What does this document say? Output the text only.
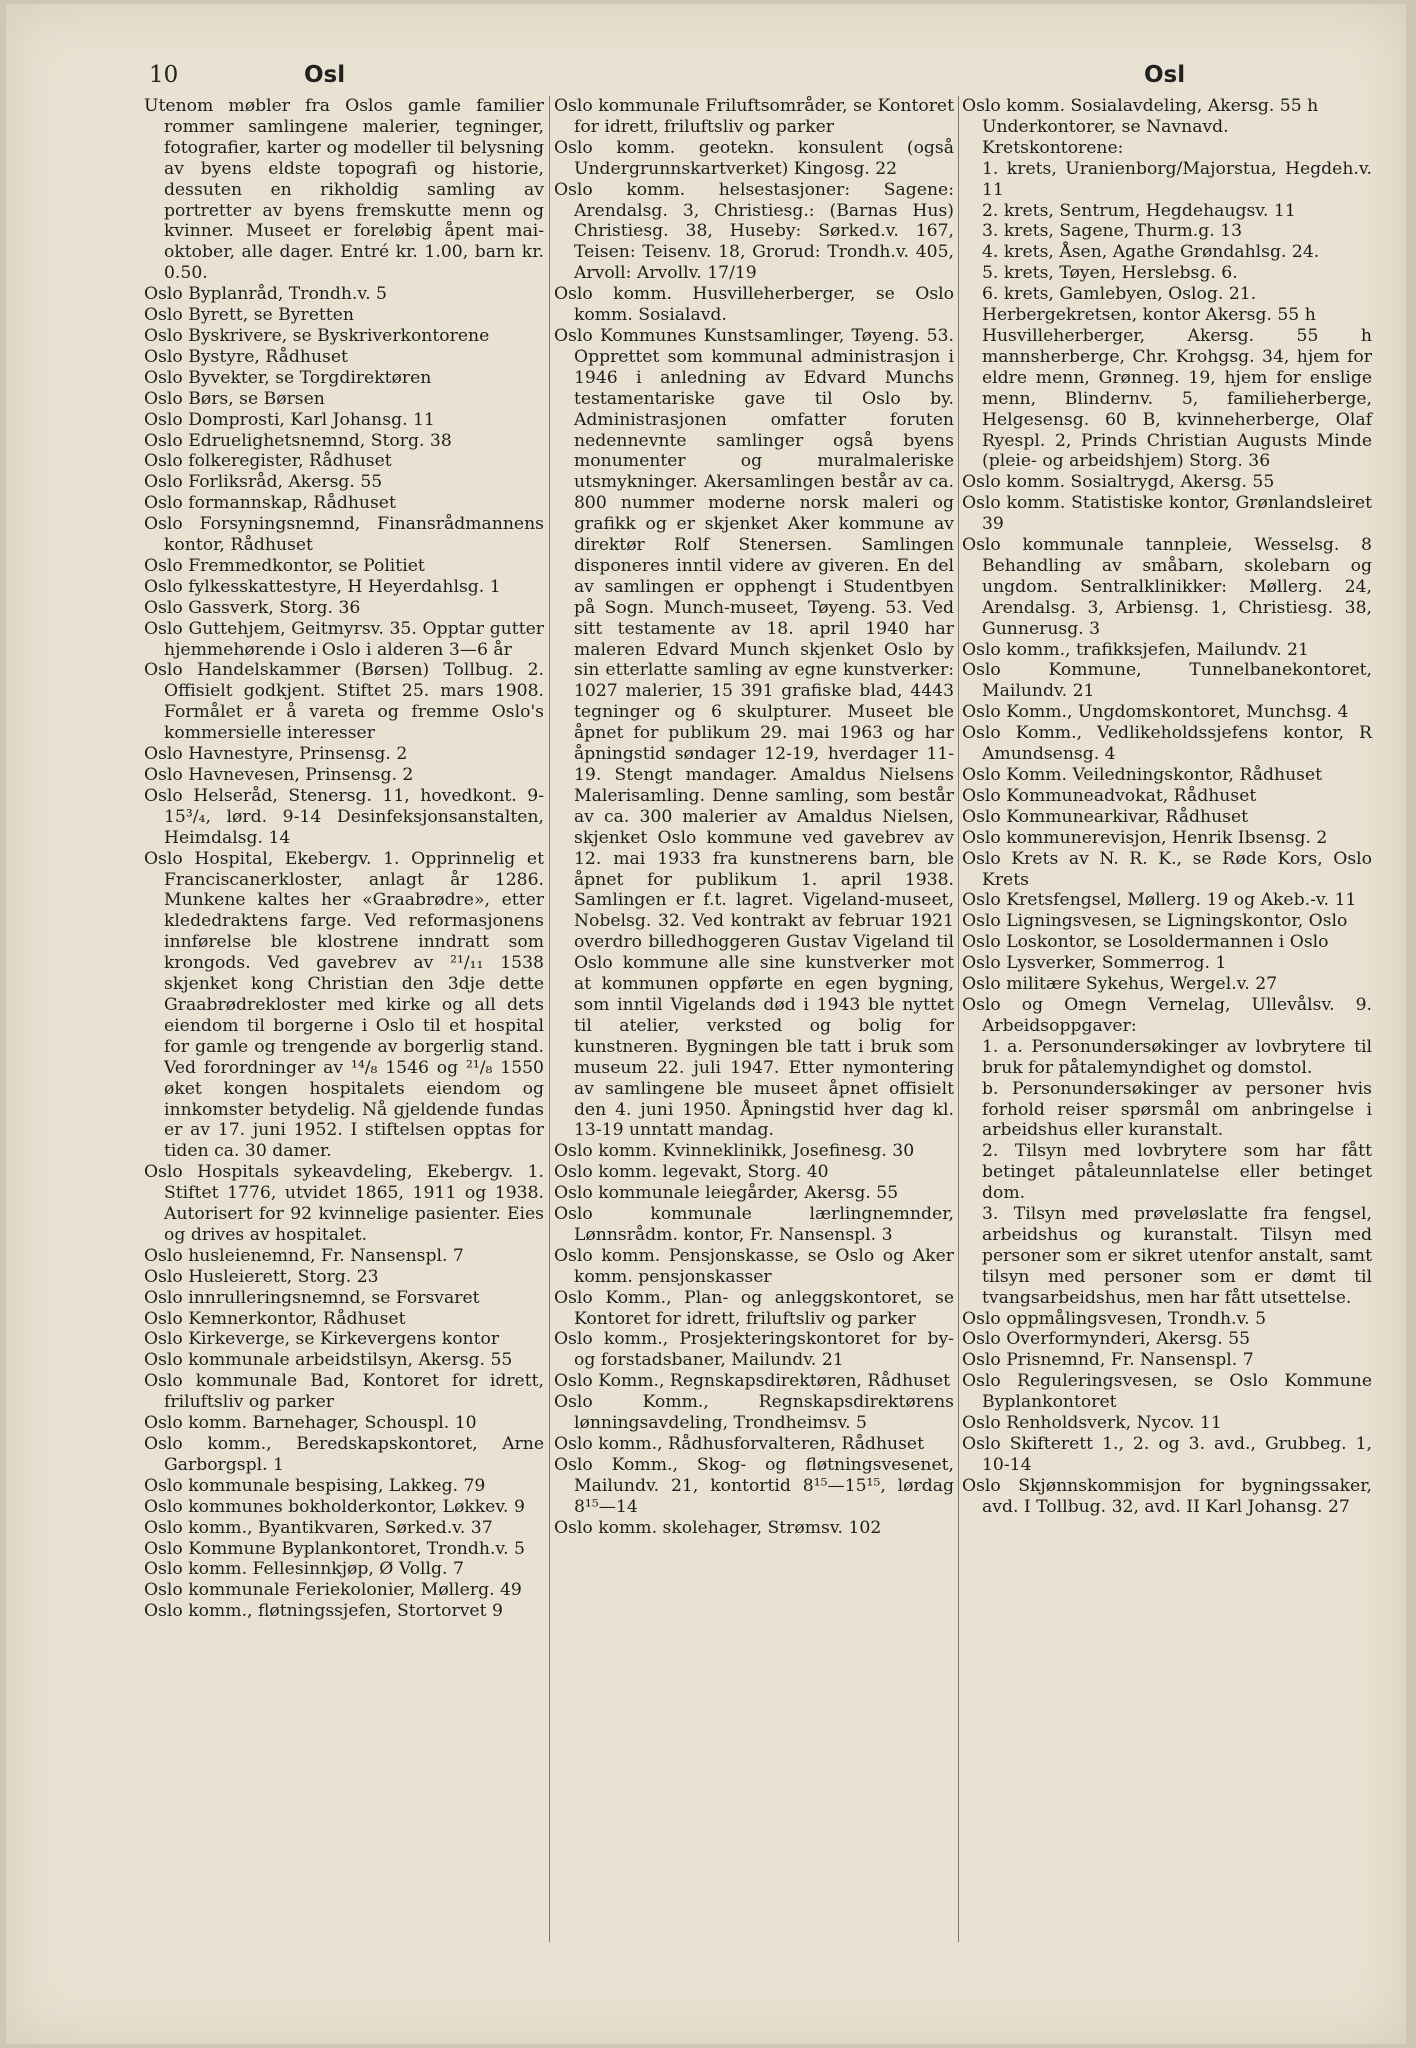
10	Osl	Osl

Utenom møbler fra Oslos gamle familier rommer samlingene malerier, tegninger, fotografier, karter og modeller til belysning av byens eldste topografi og historie, dessuten en rikholdig samling av portretter av byens fremskutte menn og kvinner. Museet er foreløbig åpent mai-oktober, alle dager. Entré kr. 1.00, barn kr. 0.50.

Oslo Byplanråd, Trondh.v. 5

Oslo Byrett, se Byretten

Oslo Byskrivere, se Byskriverkontorene

Oslo Bystyre, Rådhuset

Oslo Byvekter, se Torgdirektøren

Oslo Børs, se Børsen

Oslo Domprosti, Karl Johansg. 11

Oslo Edruelighetsnemnd, Storg. 38

Oslo folkeregister, Rådhuset

Oslo Forliksråd, Akersg. 55

Oslo formannskap, Rådhuset

Oslo Forsyningsnemnd, Finansrådmannens kontor, Rådhuset

Oslo Fremmedkontor, se Politiet

Oslo fylkesskattestyre, H Heyerdahlsg. 1

Oslo Gassverk, Storg. 36

Oslo Guttehjem, Geitmyrsv. 35. Opptar gutter hjemmehørende i Oslo i alderen 3—6 år

Oslo Handelskammer (Børsen) Tollbug. 2. Offisielt godkjent. Stiftet 25. mars 1908. Formålet er å vareta og fremme Oslo's kommersielle interesser

Oslo Havnestyre, Prinsensg. 2

Oslo Havnevesen, Prinsensg. 2

Oslo Helseråd, Stenersg. 11, hovedkont. 9-15³/₄, lørd. 9-14 Desinfeksjonsanstalten, Heimdalsg. 14

Oslo Hospital, Ekebergv. 1. Opprinnelig et Franciscanerkloster, anlagt år 1286. Munkene kaltes her «Graabrødre», etter klededraktens farge. Ved reformasjonens innførelse ble klostrene inndratt som krongods. Ved gavebrev av ²¹/₁₁ 1538 skjenket kong Christian den 3dje dette Graabrødrekloster med kirke og all dets eiendom til borgerne i Oslo til et hospital for gamle og trengende av borgerlig stand. Ved forordninger av ¹⁴/₈ 1546 og ²¹/₈ 1550 øket kongen hospitalets eiendom og innkomster betydelig. Nå gjeldende fundas er av 17. juni 1952. I stiftelsen opptas for tiden ca. 30 damer.

Oslo Hospitals sykeavdeling, Ekebergv. 1. Stiftet 1776, utvidet 1865, 1911 og 1938. Autorisert for 92 kvinnelige pasienter. Eies og drives av hospitalet.

Oslo husleienemnd, Fr. Nansenspl. 7

Oslo Husleierett, Storg. 23

Oslo innrulleringsnemnd, se Forsvaret

Oslo Kemnerkontor, Rådhuset

Oslo Kirkeverge, se Kirkevergens kontor

Oslo kommunale arbeidstilsyn, Akersg. 55

Oslo kommunale Bad, Kontoret for idrett, friluftsliv og parker

Oslo komm. Barnehager, Schouspl. 10

Oslo komm., Beredskapskontoret, Arne Garborgspl. 1

Oslo kommunale bespising, Lakkeg. 79

Oslo kommunes bokholderkontor, Løkkev. 9

Oslo komm., Byantikvaren, Sørked.v. 37

Oslo Kommune Byplankontoret, Trondh.v. 5

Oslo komm. Fellesinnkjøp, Ø Vollg. 7

Oslo kommunale Feriekolonier, Møllerg. 49

Oslo komm., fløtningssjefen, Stortorvet 9

Oslo kommunale Friluftsområder, se Kontoret for idrett, friluftsliv og parker

Oslo komm. geotekn. konsulent (også Undergrunnskartverket) Kingosg. 22

Oslo komm. helsestasjoner: Sagene: Arendalsg. 3, Christiesg.: (Barnas Hus) Christiesg. 38, Huseby: Sørked.v. 167, Teisen: Teisenv. 18, Grorud: Trondh.v. 405, Arvoll: Arvollv. 17/19

Oslo komm. Husvilleherberger, se Oslo komm. Sosialavd.

Oslo Kommunes Kunstsamlinger, Tøyeng. 53. Opprettet som kommunal administrasjon i 1946 i anledning av Edvard Munchs testamentariske gave til Oslo by. Administrasjonen omfatter foruten nedennevnte samlinger også byens monumenter og muralmaleriske utsmykninger. Akersamlingen består av ca. 800 nummer moderne norsk maleri og grafikk og er skjenket Aker kommune av direktør Rolf Stenersen. Samlingen disponeres inntil videre av giveren. En del av samlingen er opphengt i Studentbyen på Sogn. Munch-museet, Tøyeng. 53. Ved sitt testamente av 18. april 1940 har maleren Edvard Munch skjenket Oslo by sin etterlatte samling av egne kunstverker: 1027 malerier, 15 391 grafiske blad, 4443 tegninger og 6 skulpturer. Museet ble åpnet for publikum 29. mai 1963 og har åpningstid søndager 12-19, hverdager 11-19. Stengt mandager. Amaldus Nielsens Malerisamling. Denne samling, som består av ca. 300 malerier av Amaldus Nielsen, skjenket Oslo kommune ved gavebrev av 12. mai 1933 fra kunstnerens barn, ble åpnet for publikum 1. april 1938. Samlingen er f.t. lagret. Vigeland-museet, Nobelsg. 32. Ved kontrakt av februar 1921 overdro billedhoggeren Gustav Vigeland til Oslo kommune alle sine kunstverker mot at kommunen oppførte en egen bygning, som inntil Vigelands død i 1943 ble nyttet til atelier, verksted og bolig for kunstneren. Bygningen ble tatt i bruk som museum 22. juli 1947. Etter nymontering av samlingene ble museet åpnet offisielt den 4. juni 1950. Åpningstid hver dag kl. 13-19 unntatt mandag.

Oslo komm. Kvinneklinikk, Josefinesg. 30

Oslo komm. legevakt, Storg. 40

Oslo kommunale leiegårder, Akersg. 55

Oslo kommunale lærlingnemnder, Lønnsrådm. kontor, Fr. Nansenspl. 3

Oslo komm. Pensjonskasse, se Oslo og Aker komm. pensjonskasser

Oslo Komm., Plan- og anleggskontoret, se Kontoret for idrett, friluftsliv og parker

Oslo komm., Prosjekteringskontoret for by- og forstadsbaner, Mailundv. 21

Oslo Komm., Regnskapsdirektøren, Rådhuset

Oslo Komm., Regnskapsdirektørens lønningsavdeling, Trondheimsv. 5

Oslo komm., Rådhusforvalteren, Rådhuset

Oslo Komm., Skog- og fløtningsvesenet, Mailundv. 21, kontortid 8¹⁵—15¹⁵, lørdag 8¹⁵—14

Oslo komm. skolehager, Strømsv. 102

Oslo komm. Sosialavdeling, Akersg. 55 h

Underkontorer, se Navnavd.

Kretskontorene:

1. krets, Uranienborg/Majorstua, Hegdeh.v. 11

2. krets, Sentrum, Hegdehaugsv. 11

3. krets, Sagene, Thurm.g. 13

4. krets, Åsen, Agathe Grøndahlsg. 24.

5. krets, Tøyen, Herslebsg. 6.

6. krets, Gamlebyen, Oslog. 21.

Herbergekretsen, kontor Akersg. 55 h

Husvilleherberger, Akersg. 55 h mannsherberge, Chr. Krohgsg. 34, hjem for eldre menn, Grønneg. 19, hjem for enslige menn, Blindernv. 5, familieherberge, Helgesensg. 60 B, kvinneherberge, Olaf Ryespl. 2, Prinds Christian Augusts Minde (pleie- og arbeidshjem) Storg. 36

Oslo komm. Sosialtrygd, Akersg. 55

Oslo komm. Statistiske kontor, Grønlandsleiret 39

Oslo kommunale tannpleie, Wesselsg. 8 Behandling av småbarn, skolebarn og ungdom. Sentralklinikker: Møllerg. 24, Arendalsg. 3, Arbiensg. 1, Christiesg. 38, Gunnerusg. 3

Oslo komm., trafikksjefen, Mailundv. 21

Oslo Kommune, Tunnelbanekontoret, Mailundv. 21

Oslo Komm., Ungdomskontoret, Munchsg. 4

Oslo Komm., Vedlikeholdssjefens kontor, R Amundsensg. 4

Oslo Komm. Veiledningskontor, Rådhuset

Oslo Kommuneadvokat, Rådhuset

Oslo Kommunearkivar, Rådhuset

Oslo kommunerevisjon, Henrik Ibsensg. 2

Oslo Krets av N. R. K., se Røde Kors, Oslo Krets

Oslo Kretsfengsel, Møllerg. 19 og Akeb.-v. 11

Oslo Ligningsvesen, se Ligningskontor, Oslo

Oslo Loskontor, se Losoldermannen i Oslo

Oslo Lysverker, Sommerrog. 1

Oslo militære Sykehus, Wergel.v. 27

Oslo og Omegn Vernelag, Ullevålsv. 9. Arbeidsoppgaver:

1. a. Personundersøkinger av lovbrytere til bruk for påtalemyndighet og domstol.

b. Personundersøkinger av personer hvis forhold reiser spørsmål om anbringelse i arbeidshus eller kuranstalt.

2. Tilsyn med lovbrytere som har fått betinget påtaleunnlatelse eller betinget dom.

3. Tilsyn med prøveløslatte fra fengsel, arbeidshus og kuranstalt. Tilsyn med personer som er sikret utenfor anstalt, samt tilsyn med personer som er dømt til tvangsarbeidshus, men har fått utsettelse.

Oslo oppmålingsvesen, Trondh.v. 5

Oslo Overformynderi, Akersg. 55

Oslo Prisnemnd, Fr. Nansenspl. 7

Oslo Reguleringsvesen, se Oslo Kommune Byplankontoret

Oslo Renholdsverk, Nycov. 11

Oslo Skifterett 1., 2. og 3. avd., Grubbeg. 1, 10-14

Oslo Skjønnskommisjon for bygningssaker, avd. I Tollbug. 32, avd. II Karl Johansg. 27
